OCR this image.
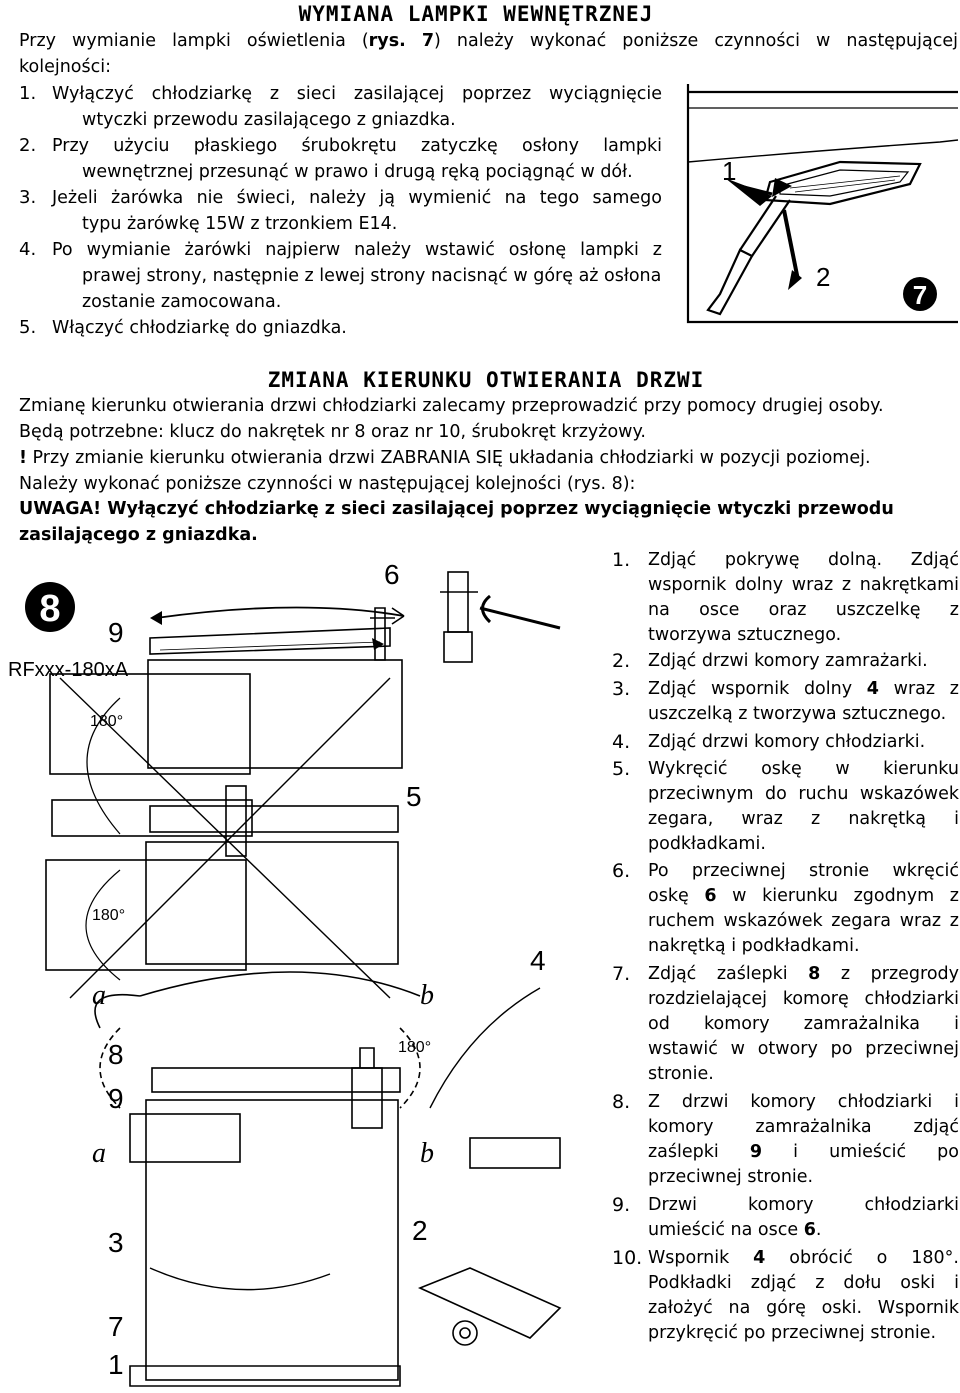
WYMIANA LAMPKI WEWNĘTRZNEJ
Przy wymianie lampki oświetlenia (rys. 7) należy wykonać poniższe czynności w następującej
kolejności:
1. Wyłączyć chłodziarkę z sieci zasilającej poprzez wyciągnięcie
wtyczki przewodu zasilającego z gniazdka.
2. Przy użyciu płaskiego śrubokrętu zatyczkę osłony lampki
wewnętrznej przesunąć w prawo i drugą ręką pociągnąć w dół.
3. Jeżeli żarówka nie świeci, należy ją wymienić na tego samego
typu żarówkę 15W z trzonkiem E14.
4. Po wymianie żarówki najpierw należy wstawić osłonę lampki z
prawej strony, następnie z lewej strony nacisnąć w górę aż osłona
zostanie zamocowana.
5. Włączyć chłodziarkę do gniazdka.
1
2
7
ZMIANA KIERUNKU OTWIERANIA DRZWI
Zmianę kierunku otwierania drzwi chłodziarki zalecamy przeprowadzić przy pomocy drugiej osoby.
Będą potrzebne: klucz do nakrętek nr 8 oraz nr 10, śrubokręt krzyżowy.
! Przy zmianie kierunku otwierania drzwi ZABRANIA SIĘ układania chłodziarki w pozycji poziomej.
Należy wykonać poniższe czynności w następującej kolejności (rys. 8):
UWAGA! Wyłączyć chłodziarkę z sieci zasilającej poprzez wyciągnięcie wtyczki przewodu
zasilającego z gniazdka.
1. Zdjąć pokrywę dolną. Zdjąć
wspornik dolny wraz z nakrętkami
na osce oraz uszczelkę z
tworzywa sztucznego.
2. Zdjąć drzwi komory zamrażarki.
3. Zdjąć wspornik dolny 4 wraz z
uszczelką z tworzywa sztucznego.
4. Zdjąć drzwi komory chłodziarki.
5. Wykręcić oskę w kierunku
przeciwnym do ruchu wskazówek
zegara, wraz z nakrętką i
podkładkami.
6. Po przeciwnej stronie wkręcić
oskę 6 w kierunku zgodnym z
ruchem wskazówek zegara wraz z
nakrętką i podkładkami.
7. Zdjąć zaślepki 8 z przegrody
rozdzielającej komorę chłodziarki
od komory zamrażalnika i
wstawić w otwory po przeciwnej
stronie.
8. Z drzwi komory chłodziarki i
komory zamrażalnika zdjąć
zaślepki 9 i umieścić po
przeciwnej stronie.
9. Drzwi komory chłodziarki
umieścić na osce 6.
10. Wspornik 4 obrócić o 180°.
Podkładki zdjąć z dołu oski i
założyć na górę oski. Wspornik
przykręcić po przeciwnej stronie.
8
RFxxx-180xA
180°
180°
180°
9
6
5
4
a	b
8
9
a	b
3	2
7
1
